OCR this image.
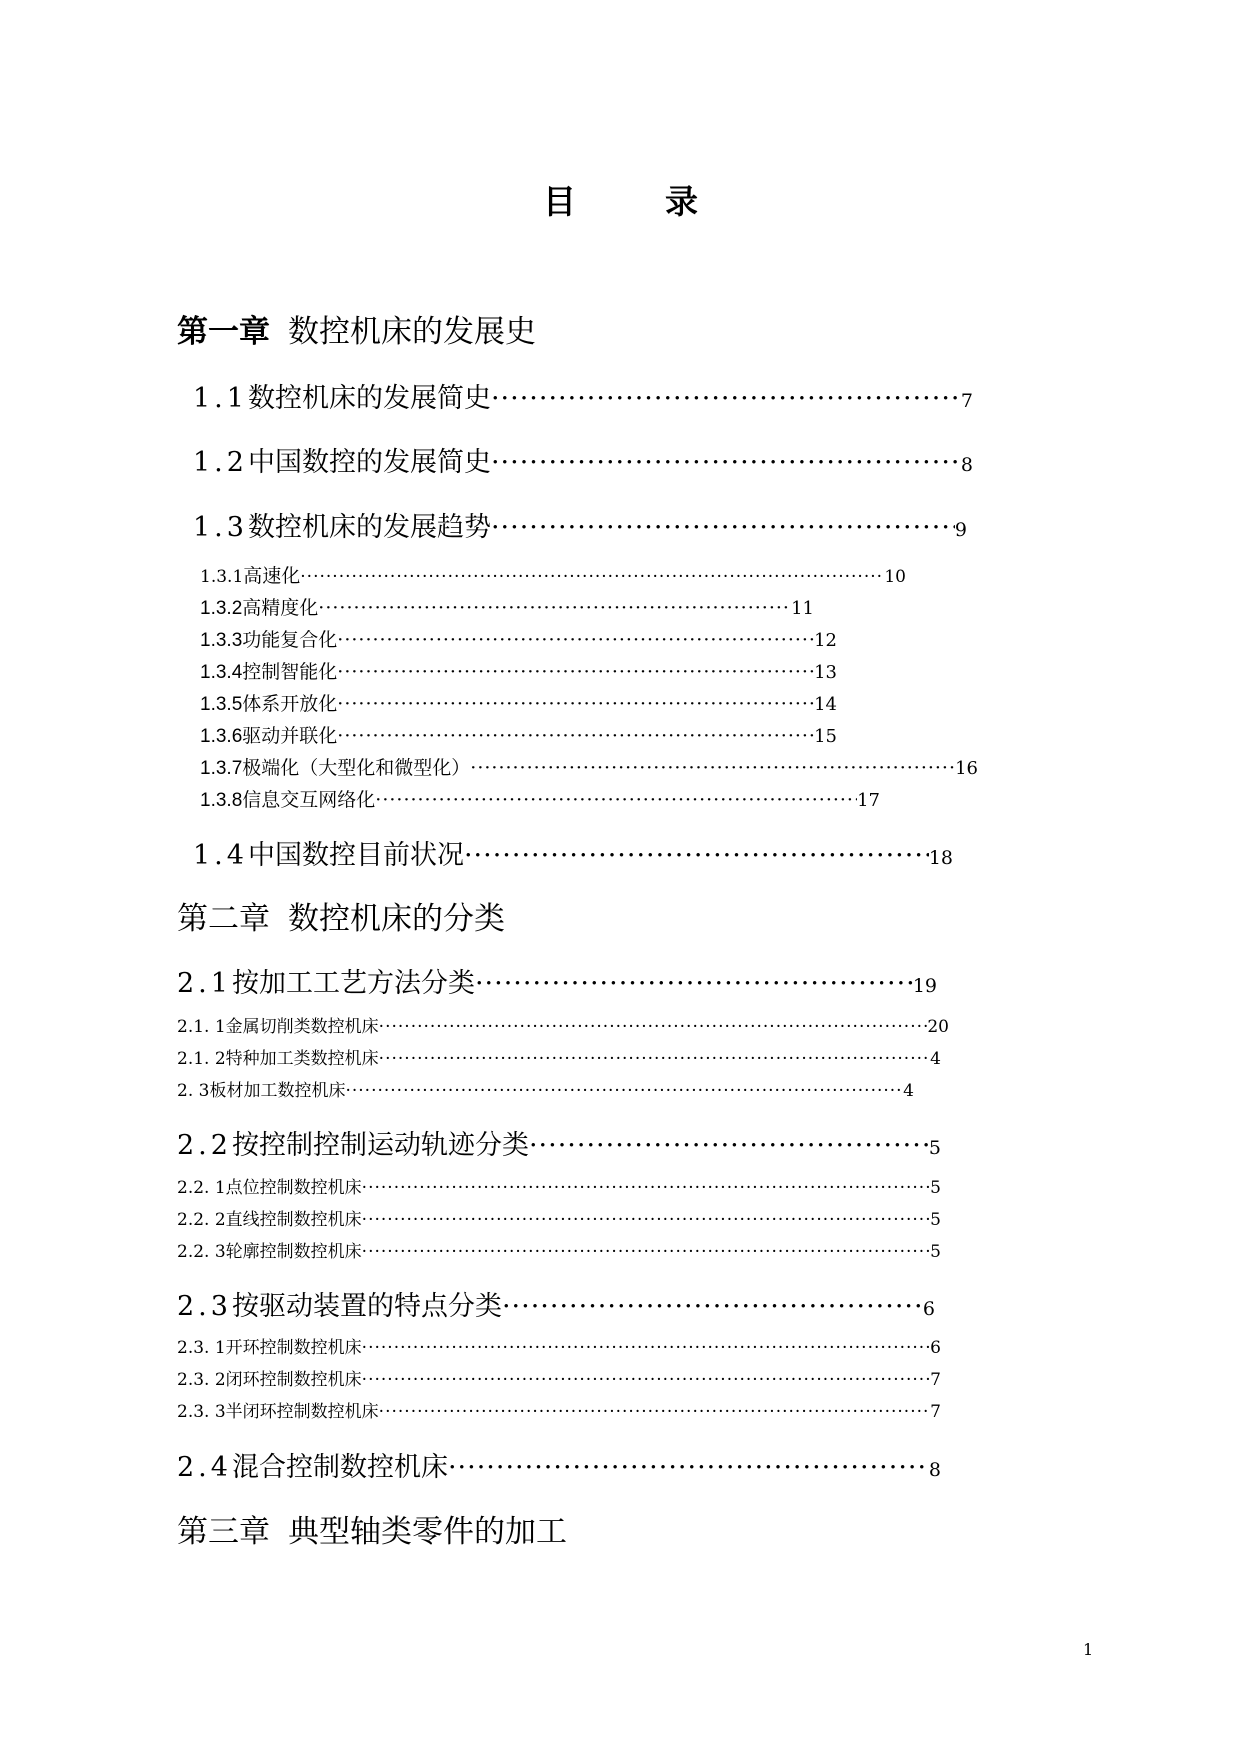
目　录
第一章 数控机床的发展史
1.1 数控机床的发展简史 ·····	7
1.2 中国数控的发展简史 ·····	8
1.3 数控机床的发展趋势 ·····	9
1.3.1 高速化 ·····	10
1.3.2 高精度化 ·····	11
1.3.3 功能复合化 ·····	12
1.3.4 控制智能化 ·····	13
1.3.5 体系开放化 ·····	14
1.3.6 驱动并联化 ·····	15
1.3.7 极端化（大型化和微型化） ·····	16
1.3.8 信息交互网络化 ·····	17
1.4 中国数控目前状况 ·····	18
第二章 数控机床的分类
2.1 按加工工艺方法分类 ·····	19
2.1. 1 金属切削类数控机床 ·····	20
2.1. 2 特种加工类数控机床 ·····	4
2. 3 板材加工数控机床 ·····	4
2.2 按控制控制运动轨迹分类 ·····	5
2.2. 1 点位控制数控机床 ·····	5
2.2. 2 直线控制数控机床 ·····	5
2.2. 3 轮廓控制数控机床 ·····	5
2.3 按驱动装置的特点分类 ·····	6
2.3. 1 开环控制数控机床 ·····	6
2.3. 2 闭环控制数控机床 ·····	7
2.3. 3 半闭环控制数控机床 ·····	7
2.4 混合控制数控机床 ·····	8
第三章 典型轴类零件的加工
1
